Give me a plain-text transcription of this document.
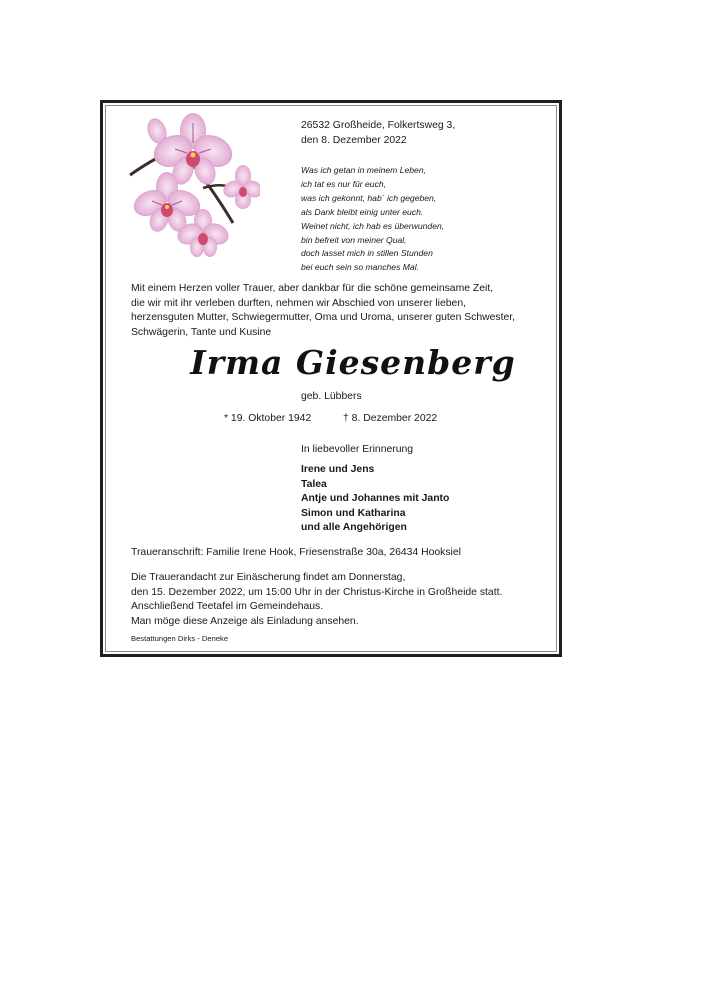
26532 Großheide, Folkertsweg 3,
den 8. Dezember 2022
Was ich getan in meinem Leben,
ich tat es nur für euch,
was ich gekonnt, hab´ ich gegeben,
als Dank bleibt einig unter euch.
Weinet nicht, ich hab es überwunden,
bin befreit von meiner Qual,
doch lasset mich in stillen Stunden
bei euch sein so manches Mal.
Mit einem Herzen voller Trauer, aber dankbar für die schöne gemeinsame Zeit,
die wir mit ihr verleben durften, nehmen wir Abschied von unserer lieben,
herzensguten Mutter, Schwiegermutter, Oma und Uroma, unserer guten Schwester,
Schwägerin, Tante und Kusine
Irma Giesenberg
geb. Lübbers
* 19. Oktober 1942	† 8. Dezember 2022
In liebevoller Erinnerung
Irene und Jens
Talea
Antje und Johannes mit Janto
Simon und Katharina
und alle Angehörigen
Traueranschrift: Familie Irene Hook, Friesenstraße 30a, 26434 Hooksiel
Die Trauerandacht zur Einäscherung findet am Donnerstag,
den 15. Dezember 2022, um 15:00 Uhr in der Christus-Kirche in Großheide statt.
Anschließend Teetafel im Gemeindehaus.
Man möge diese Anzeige als Einladung ansehen.
Bestattungen Dirks - Deneke
